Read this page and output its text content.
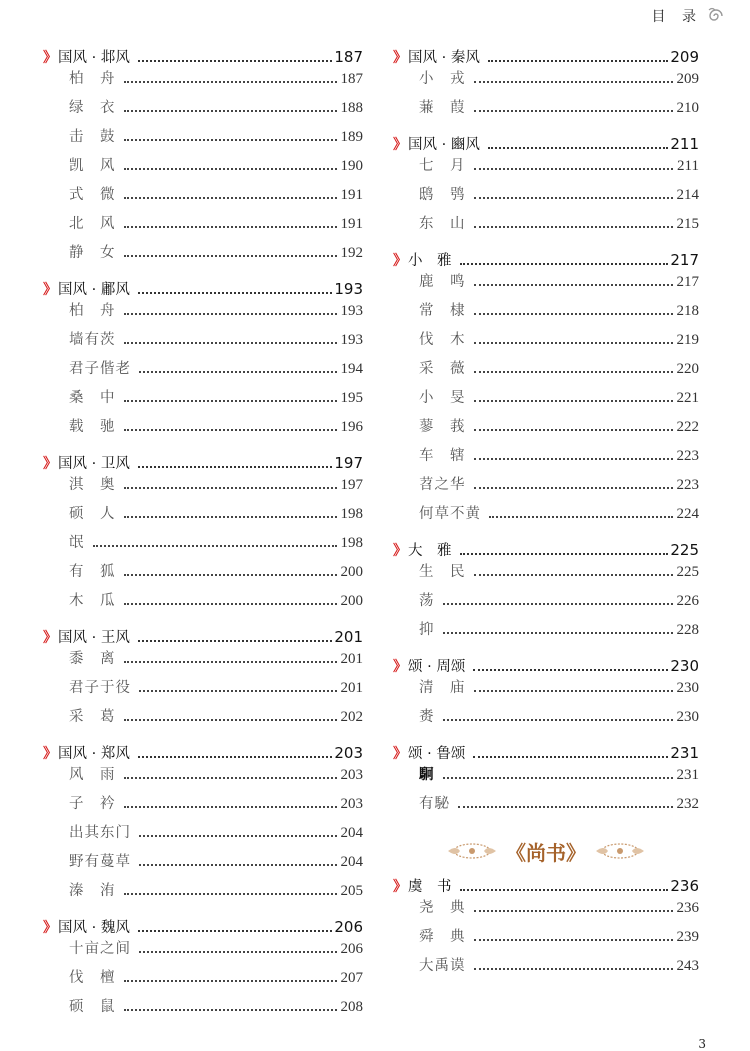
目 录
》 国风 · 邶风	187
柏　舟	187
绿　衣	188
击　鼓	189
凯　风	190
式　微	191
北　风	191
静　女	192
》 国风 · 鄘风	193
柏　舟	193
墙有茨	193
君子偕老	194
桑　中	195
载　驰	196
》 国风 · 卫风	197
淇　奥	197
硕　人	198
氓	198
有　狐	200
木　瓜	200
》 国风 · 王风	201
黍　离	201
君子于役	201
采　葛	202
》 国风 · 郑风	203
风　雨	203
子　衿	203
出其东门	204
野有蔓草	204
溱　洧	205
》 国风 · 魏风	206
十亩之间	206
伐　檀	207
硕　鼠	208
》 国风 · 秦风	209
小　戎	209
蒹　葭	210
》 国风 · 豳风	211
七　月	211
鸱　鸮	214
东　山	215
》 小　雅	217
鹿　鸣	217
常　棣	218
伐　木	219
采　薇	220
小　旻	221
蓼　莪	222
车　辖	223
苕之华	223
何草不黄	224
》 大　雅	225
生　民	225
荡	226
抑	228
》 颂 · 周颂	230
清　庙	230
赉	230
》 颂 · 鲁颂	231
駉	231
有駜	232
《尚书》
》 虞　书	236
尧　典	236
舜　典	239
大禹谟	243
3
